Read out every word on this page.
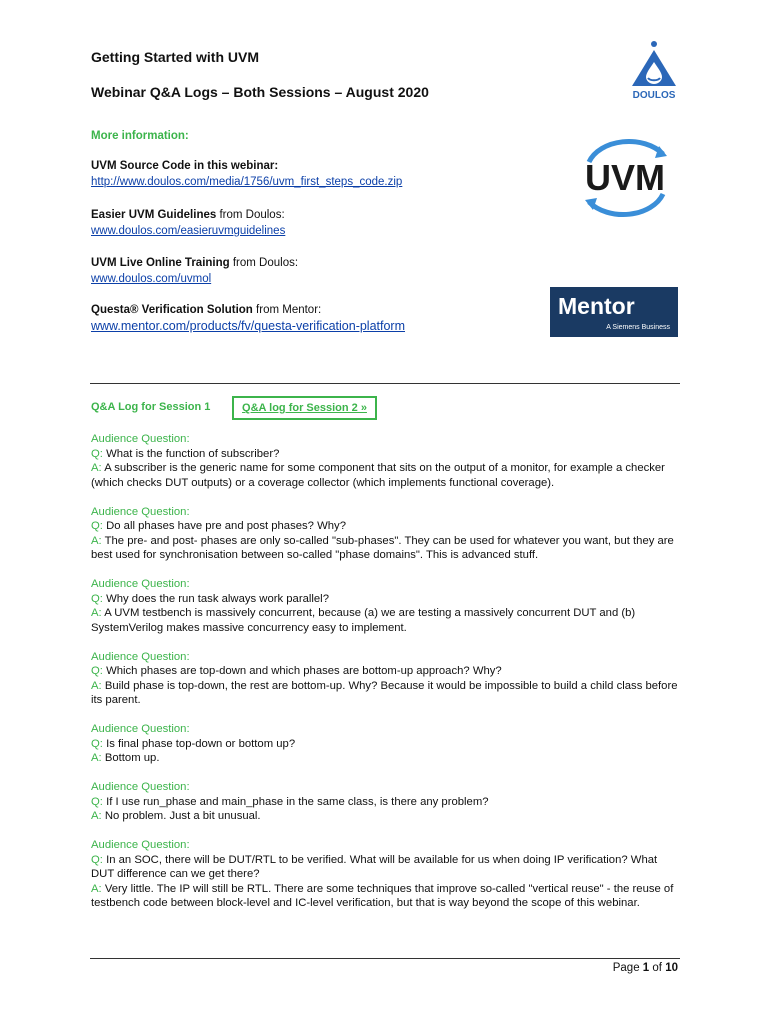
Getting Started with UVM
Webinar Q&A Logs – Both Sessions – August 2020	DOULOS
More information:
UVM Source Code in this webinar:
http://www.doulos.com/media/1756/uvm_first_steps_code.zip
Easier UVM Guidelines from Doulos:
www.doulos.com/easieruvmguidelines
UVM Live Online Training from Doulos:
www.doulos.com/uvmol
Questa® Verification Solution from Mentor:
www.mentor.com/products/fv/questa-verification-platform
UVM
Mentor
A Siemens Business
Q&A Log for Session 1	Q&A log for Session 2 »
Audience Question:
Q: What is the function of subscriber?
A: A subscriber is the generic name for some component that sits on the output of a monitor, for example a checker (which checks DUT outputs) or a coverage collector (which implements functional coverage).
Audience Question:
Q: Do all phases have pre and post phases? Why?
A: The pre- and post- phases are only so-called "sub-phases". They can be used for whatever you want, but they are best used for synchronisation between so-called "phase domains". This is advanced stuff.
Audience Question:
Q: Why does the run task always work parallel?
A: A UVM testbench is massively concurrent, because (a) we are testing a massively concurrent DUT and (b) SystemVerilog makes massive concurrency easy to implement.
Audience Question:
Q: Which phases are top-down and which phases are bottom-up approach? Why?
A: Build phase is top-down, the rest are bottom-up. Why? Because it would be impossible to build a child class before its parent.
Audience Question:
Q: Is final phase top-down or bottom up?
A: Bottom up.
Audience Question:
Q: If I use run_phase and main_phase in the same class, is there any problem?
A: No problem. Just a bit unusual.
Audience Question:
Q: In an SOC, there will be DUT/RTL to be verified. What will be available for us when doing IP verification? What DUT difference can we get there?
A: Very little. The IP will still be RTL. There are some techniques that improve so-called "vertical reuse" - the reuse of testbench code between block-level and IC-level verification, but that is way beyond the scope of this webinar.
Page 1 of 10
